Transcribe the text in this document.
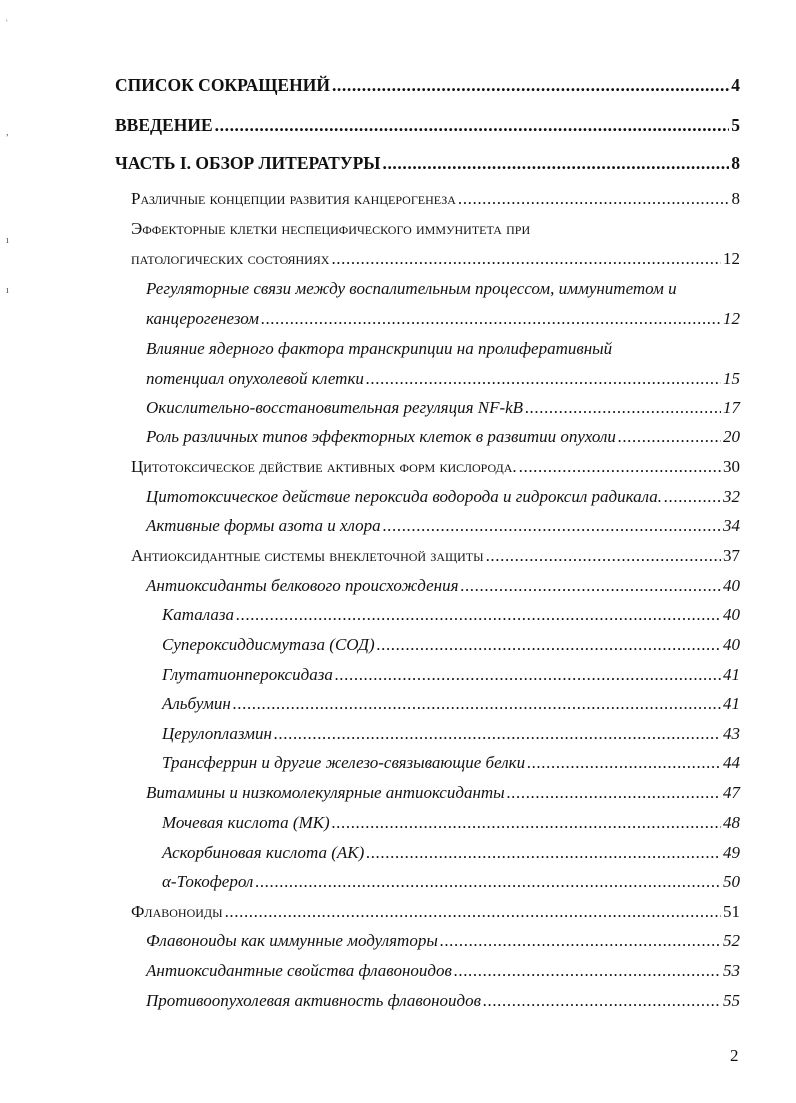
ʿ
,
ı
ı
СПИСОК СОКРАЩЕНИЙ .....	4
ВВЕДЕНИЕ .....	5
ЧАСТЬ I. ОБЗОР ЛИТЕРАТУРЫ .....	8
Различные концепции развития канцерогенеза .....	8
Эффекторные клетки неспецифического иммунитета при
патологических состояниях .....	12
Регуляторные связи между воспалительным процессом, иммунитетом и
канцерогенезом .....	12
Влияние ядерного фактора транскрипции на пролиферативный
потенциал опухолевой клетки .....	15
Окислительно-восстановительная регуляция NF-kB .....	17
Роль различных типов эффекторных клеток в развитии опухоли .....	20
Цитотоксическое действие активных форм кислорода. .....	30
Цитотоксическое действие пероксида водорода и гидроксил радикала. .....	32
Активные формы азота и хлора .....	34
Антиоксидантные системы внеклеточной защиты .....	37
Антиоксиданты белкового происхождения .....	40
Каталаза .....	40
Супероксиддисмутаза (СОД) .....	40
Глутатионпероксидаза .....	41
Альбумин .....	41
Церулоплазмин .....	43
Трансферрин и другие железо-связывающие белки .....	44
Витамины и низкомолекулярные антиоксиданты .....	47
Мочевая кислота (МК) .....	48
Аскорбиновая кислота (АК) .....	49
α-Токоферол .....	50
Флавоноиды .....	51
Флавоноиды как иммунные модуляторы .....	52
Антиоксидантные свойства флавоноидов .....	53
Противоопухолевая активность флавоноидов .....	55
2
